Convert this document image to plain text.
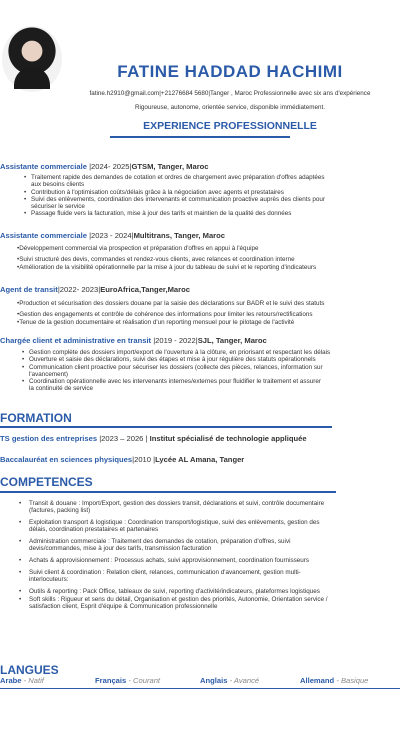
FATINE HADDAD HACHIMI
fatine.h2910@gmail.com|+21276684 5680|Tanger , Maroc Professionnelle avec six ans d'expérience
Rigoureuse, autonome, orientée service, disponible immédiatement.
EXPERIENCE PROFESSIONNELLE
Assistante commerciale |2024- 2025|GTSM, Tanger, Maroc
• Traitement rapide des demandes de cotation et ordres de chargement avec préparation d'offres adaptées
aux besoins clients
• Contribution à l'optimisation coûts/délais grâce à la négociation avec agents et prestataires
• Suivi des enlèvements, coordination des intervenants et communication proactive auprès des clients pour
sécuriser le service
• Passage fluide vers la facturation, mise à jour des tarifs et maintien de la qualité des données
Assistante commerciale |2023 - 2024|Multitrans, Tanger, Maroc
•Développement commercial via prospection et préparation d'offres en appui à l'équipe
•Suivi structuré des devis, commandes et rendez-vous clients, avec relances et coordination interne
•Amélioration de la visibilité opérationnelle par la mise à jour du tableau de suivi et le reporting d'indicateurs
Agent de transit|2022- 2023|EuroAfrica,Tanger,Maroc
•Production et sécurisation des dossiers douane par la saisie des déclarations sur BADR et le suivi des statuts
•Gestion des engagements et contrôle de cohérence des informations pour limiter les retours/rectifications
•Tenue de la gestion documentaire et réalisation d'un reporting mensuel pour le pilotage de l'activité
Chargée client et administrative en transit |2019 - 2022|SJL, Tanger, Maroc
• Gestion complète des dossiers import/export de l'ouverture à la clôture, en priorisant et respectant les délais
• Ouverture et saisie des déclarations, suivi des étapes et mise à jour régulière des statuts opérationnels
• Communication client proactive pour sécuriser les dossiers (collecte des pièces, relances, information sur
l'avancement)
• Coordination opérationnelle avec les intervenants internes/externes pour fluidifier le traitement et assurer
la continuité de service
FORMATION
TS gestion des entreprises |2023 – 2026 | Institut spécialisé de technologie appliquée
Baccalauréat en sciences physiques|2010 |Lycée AL Amana, Tanger
COMPETENCES
• Transit & douane : Import/Export, gestion des dossiers transit, déclarations et suivi, contrôle documentaire
(factures, packing list)
• Exploitation transport & logistique : Coordination transport/logistique, suivi des enlèvements, gestion des
délais, coordination prestataires et partenaires
• Administration commerciale : Traitement des demandes de cotation, préparation d'offres, suivi
devis/commandes, mise à jour des tarifs, transmission facturation
• Achats & approvisionnement : Processus achats, suivi approvisionnement, coordination fournisseurs
• Suivi client & coordination : Relation client, relances, communication d'avancement, gestion multi-
interlocuteurs:
• Outils & reporting : Pack Office, tableaux de suivi, reporting d'activité/indicateurs, plateformes logistiques
• Soft skills : Rigueur et sens du détail, Organisation et gestion des priorités, Autonomie, Orientation service /
satisfaction client, Esprit d'équipe & Communication professionnelle
LANGUES
Arabe - Natif	Français - Courant	Anglais - Avancé	Allemand - Basique
